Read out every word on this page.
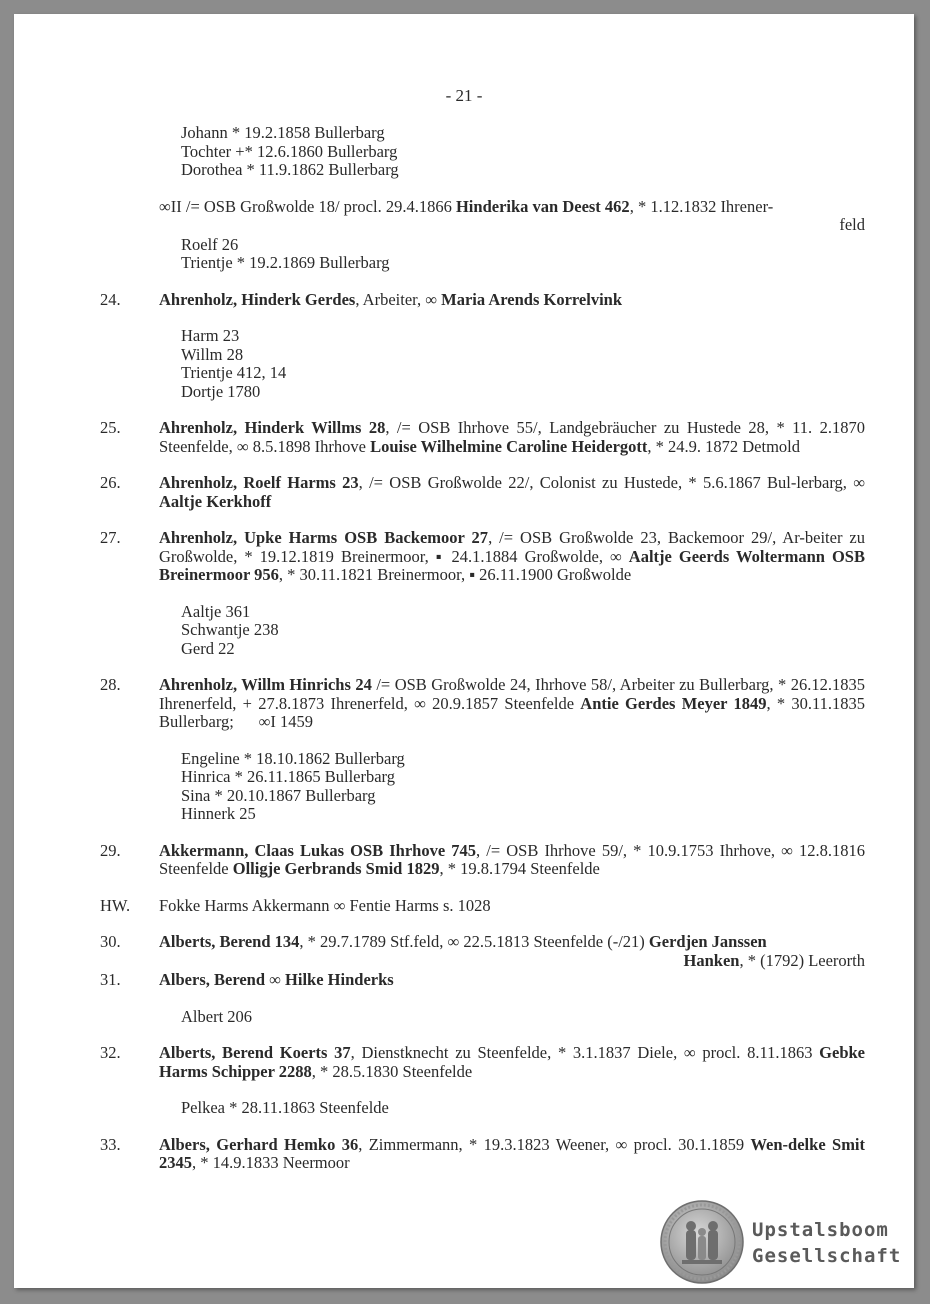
- 21 -
Johann * 19.2.1858 Bullerbarg
Tochter +* 12.6.1860 Bullerbarg
Dorothea * 11.9.1862 Bullerbarg
∞II /= OSB Großwolde 18/ procl. 29.4.1866 Hinderika van Deest 462, * 1.12.1832 Ihrener-
feld
Roelf 26
Trientje * 19.2.1869 Bullerbarg
24.	Ahrenholz, Hinderk Gerdes, Arbeiter, ∞ Maria Arends Korrelvink
Harm 23
Willm 28
Trientje 412, 14
Dortje 1780
25.	Ahrenholz, Hinderk Willms 28, /= OSB Ihrhove 55/, Landgebräucher zu Hustede 28, * 11. 2.1870 Steenfelde, ∞ 8.5.1898 Ihrhove Louise Wilhelmine Caroline Heidergott, * 24.9. 1872 Detmold
26.	Ahrenholz, Roelf Harms 23, /= OSB Großwolde 22/, Colonist zu Hustede, * 5.6.1867 Bul-lerbarg, ∞ Aaltje Kerkhoff
27.	Ahrenholz, Upke Harms OSB Backemoor 27, /= OSB Großwolde 23, Backemoor 29/, Ar-beiter zu Großwolde, * 19.12.1819 Breinermoor, ▪ 24.1.1884 Großwolde, ∞ Aaltje Geerds Woltermann OSB Breinermoor 956, * 30.11.1821 Breinermoor, ▪ 26.11.1900 Großwolde
Aaltje 361
Schwantje 238
Gerd 22
28.	Ahrenholz, Willm Hinrichs 24 /= OSB Großwolde 24, Ihrhove 58/, Arbeiter zu Bullerbarg, * 26.12.1835 Ihrenerfeld, + 27.8.1873 Ihrenerfeld, ∞ 20.9.1857 Steenfelde Antie Gerdes Meyer 1849, * 30.11.1835 Bullerbarg;      ∞I 1459
Engeline * 18.10.1862 Bullerbarg
Hinrica * 26.11.1865 Bullerbarg
Sina * 20.10.1867 Bullerbarg
Hinnerk 25
29.	Akkermann, Claas Lukas OSB Ihrhove 745, /= OSB Ihrhove 59/, * 10.9.1753 Ihrhove, ∞ 12.8.1816 Steenfelde Olligje Gerbrands Smid 1829, * 19.8.1794 Steenfelde
HW.	Fokke Harms Akkermann ∞ Fentie Harms s. 1028
30.	Alberts, Berend 134, * 29.7.1789 Stf.feld, ∞ 22.5.1813 Steenfelde (-/21) Gerdjen Janssen
Hanken, * (1792) Leerorth
31.	Albers, Berend ∞ Hilke Hinderks
Albert 206
32.	Alberts, Berend Koerts 37, Dienstknecht zu Steenfelde, * 3.1.1837 Diele, ∞ procl. 8.11.1863 Gebke Harms Schipper 2288, * 28.5.1830 Steenfelde
Pelkea * 28.11.1863 Steenfelde
33.	Albers, Gerhard Hemko 36, Zimmermann, * 19.3.1823 Weener, ∞ procl. 30.1.1859 Wen-delke Smit 2345, * 14.9.1833 Neermoor
Upstalsboom
Gesellschaft
